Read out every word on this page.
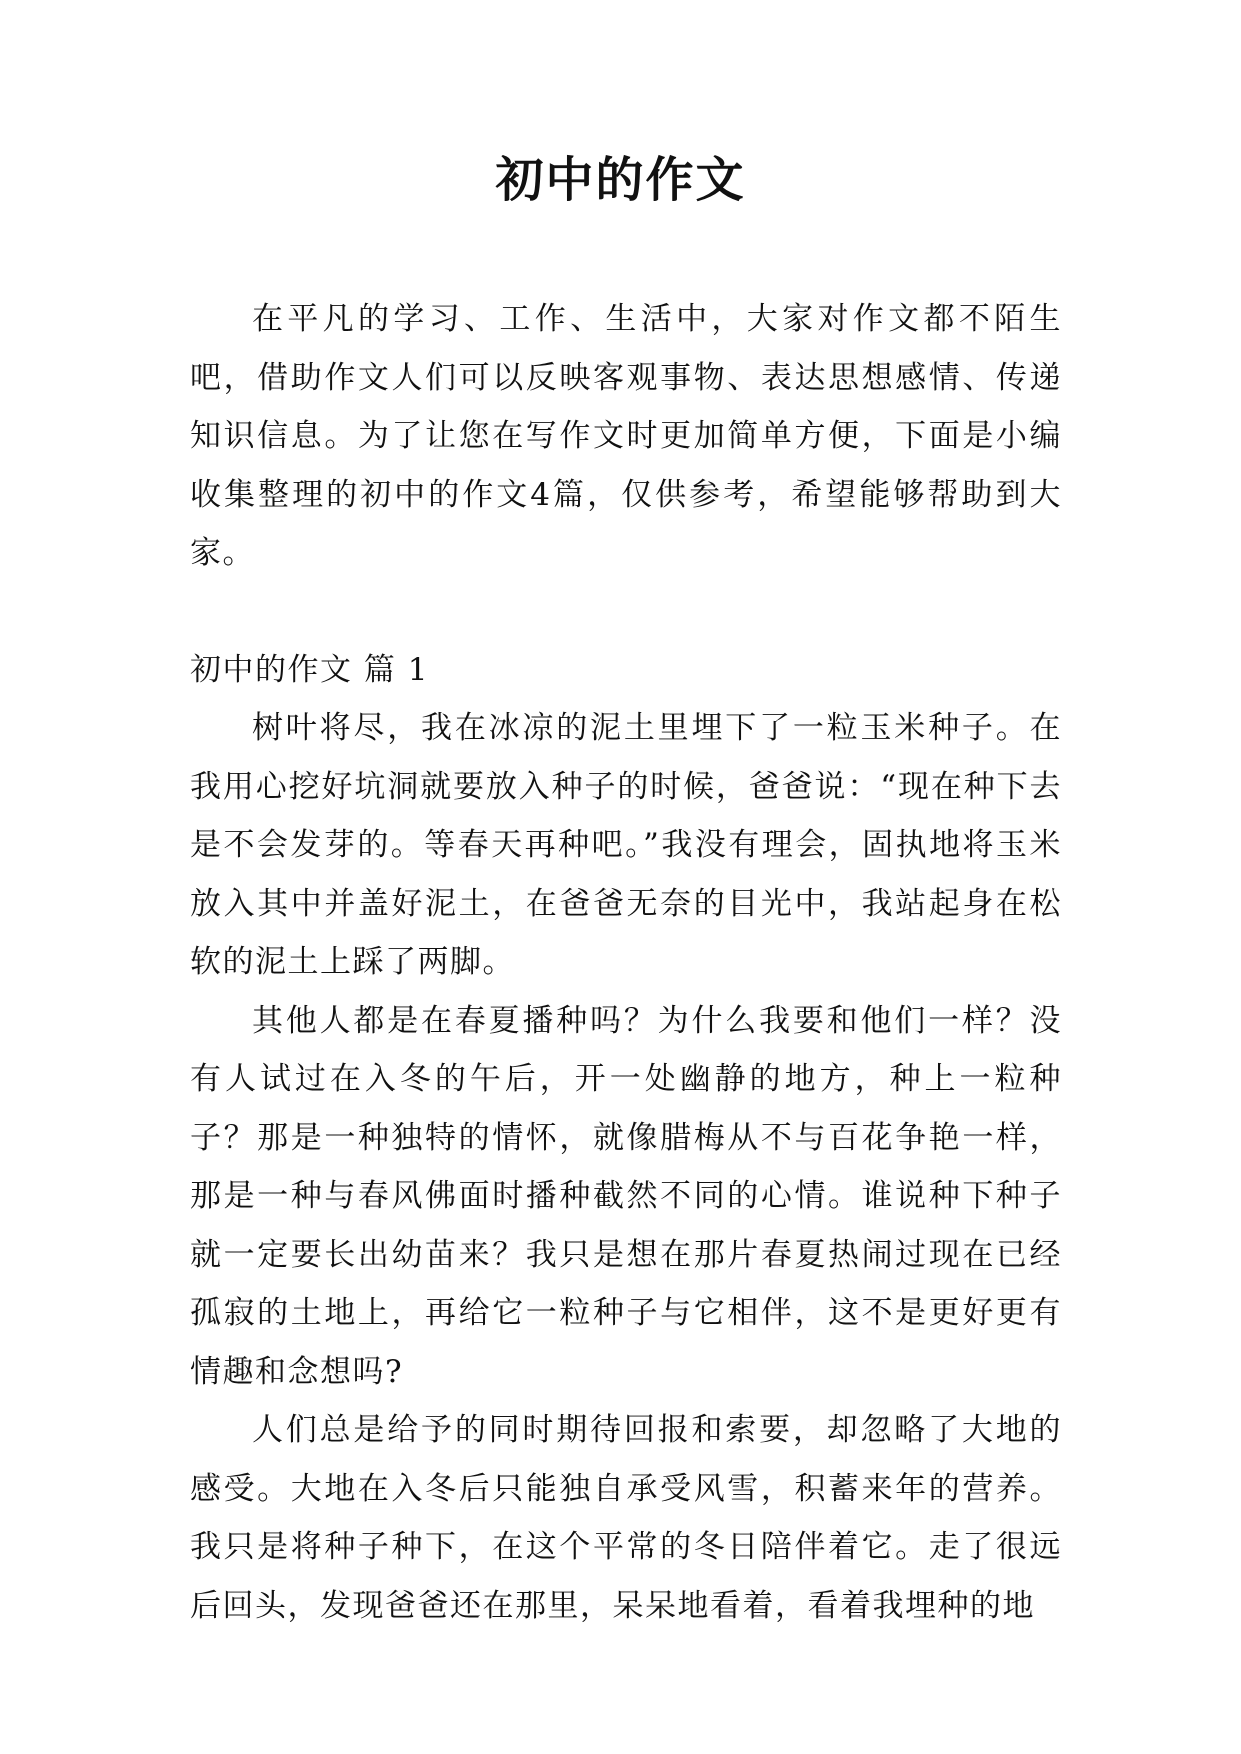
初中的作文

在平凡的学习、工作、生活中，大家对作文都不陌生吧，借助作文人们可以反映客观事物、表达思想感情、传递知识信息。为了让您在写作文时更加简单方便，下面是小编收集整理的初中的作文4篇，仅供参考，希望能够帮助到大家。

初中的作文 篇 1

树叶将尽，我在冰凉的泥土里埋下了一粒玉米种子。在我用心挖好坑洞就要放入种子的时候，爸爸说：“现在种下去是不会发芽的。等春天再种吧。”我没有理会，固执地将玉米放入其中并盖好泥土，在爸爸无奈的目光中，我站起身在松软的泥土上踩了两脚。

其他人都是在春夏播种吗？为什么我要和他们一样？没有人试过在入冬的午后，开一处幽静的地方，种上一粒种子？那是一种独特的情怀，就像腊梅从不与百花争艳一样，那是一种与春风佛面时播种截然不同的心情。谁说种下种子就一定要长出幼苗来？我只是想在那片春夏热闹过现在已经孤寂的土地上，再给它一粒种子与它相伴，这不是更好更有情趣和念想吗?

人们总是给予的同时期待回报和索要，却忽略了大地的感受。大地在入冬后只能独自承受风雪，积蓄来年的营养。我只是将种子种下，在这个平常的冬日陪伴着它。走了很远后回头，发现爸爸还在那里，呆呆地看着，看着我埋种的地
